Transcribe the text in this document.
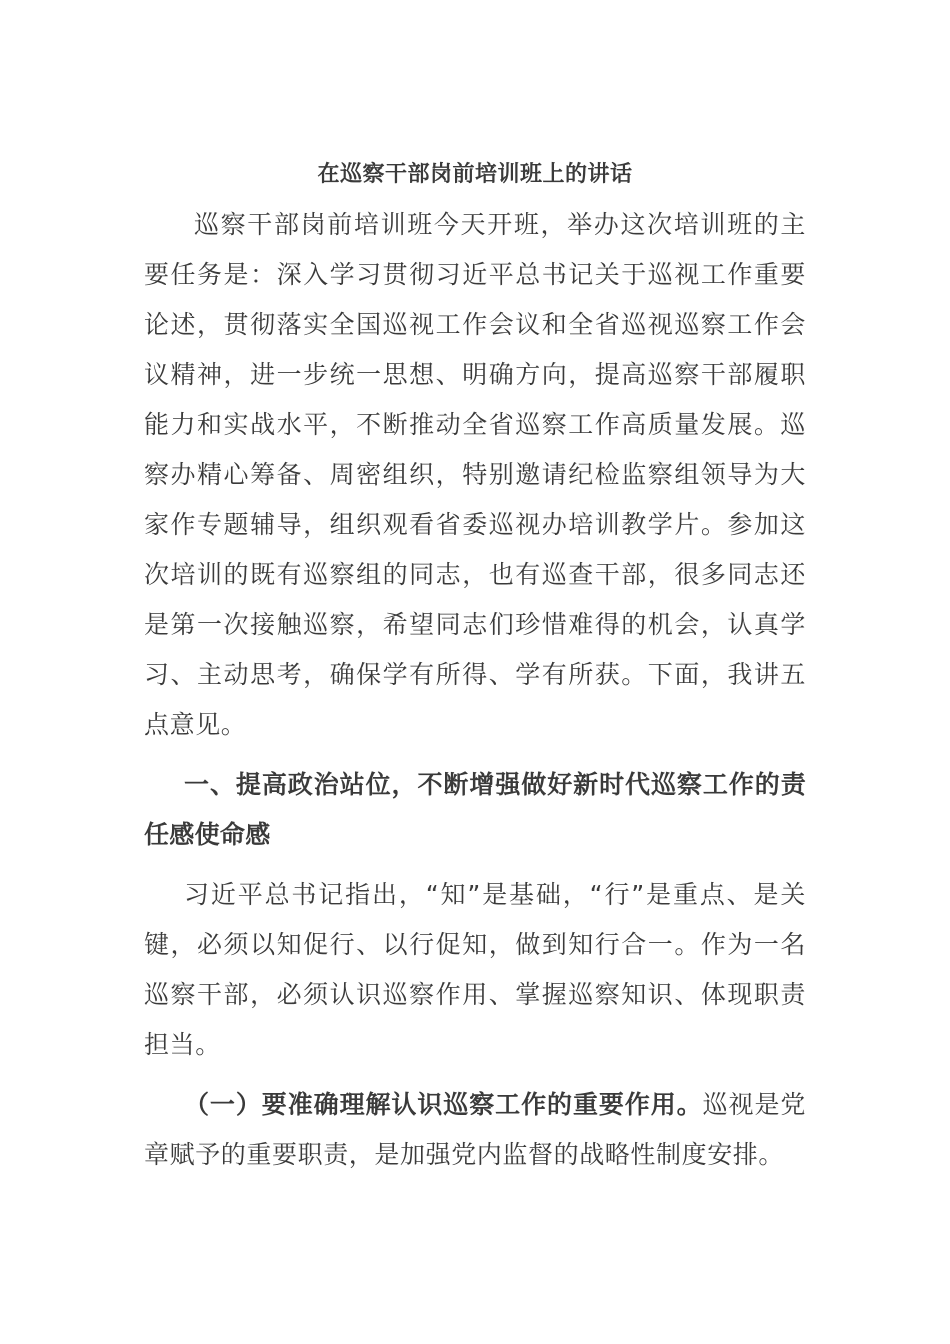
在巡察干部岗前培训班上的讲话

巡察干部岗前培训班今天开班，举办这次培训班的主要任务是：深入学习贯彻习近平总书记关于巡视工作重要论述，贯彻落实全国巡视工作会议和全省巡视巡察工作会议精神，进一步统一思想、明确方向，提高巡察干部履职能力和实战水平，不断推动全省巡察工作高质量发展。巡察办精心筹备、周密组织，特别邀请纪检监察组领导为大家作专题辅导，组织观看省委巡视办培训教学片。参加这次培训的既有巡察组的同志，也有巡查干部，很多同志还是第一次接触巡察，希望同志们珍惜难得的机会，认真学习、主动思考，确保学有所得、学有所获。下面，我讲五点意见。

一、提高政治站位，不断增强做好新时代巡察工作的责任感使命感

习近平总书记指出，“知”是基础，“行”是重点、是关键，必须以知促行、以行促知，做到知行合一。作为一名巡察干部，必须认识巡察作用、掌握巡察知识、体现职责担当。

（一）要准确理解认识巡察工作的重要作用。巡视是党章赋予的重要职责，是加强党内监督的战略性制度安排。
